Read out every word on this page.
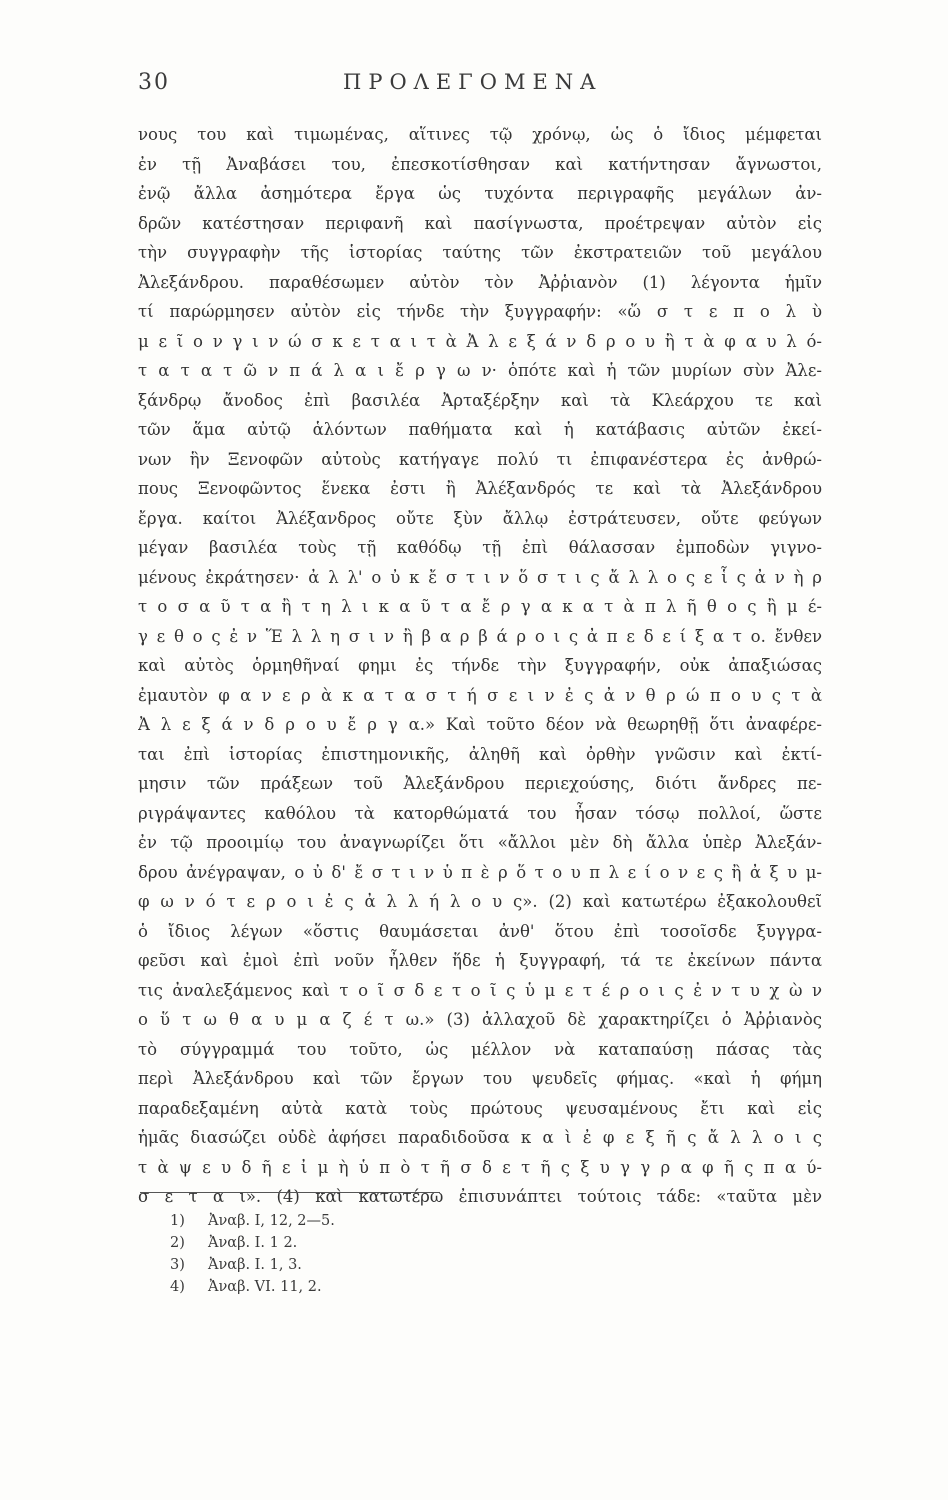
30	ΠΡΟΛΕΓΟΜΕΝΑ
νους του καὶ τιμωμένας, αἵτινες τῷ χρόνῳ, ὡς ὁ ἴδιος μέμφεται
ἐν τῇ Ἀναβάσει του, ἐπεσκοτίσθησαν καὶ κατήντησαν ἄγνωστοι,
ἐνῷ ἄλλα ἀσημότερα ἔργα ὡς τυχόντα περιγραφῆς μεγάλων ἀν-
δρῶν κατέστησαν περιφανῆ καὶ πασίγνωστα, προέτρεψαν αὐτὸν εἰς
τὴν συγγραφὴν τῆς ἱστορίας ταύτης τῶν ἐκστρατειῶν τοῦ μεγάλου
Ἀλεξάνδρου. παραθέσωμεν αὐτὸν τὸν Ἀῤῥιανὸν (1) λέγοντα ἡμῖν
τί παρώρμησεν αὐτὸν εἰς τήνδε τὴν ξυγγραφήν: «ὥ σ τ ε π ο λ ὺ
μ ε ῖ ο ν γ ι ν ώ σ κ ε τ α ι τ ὰ Ἀ λ ε ξ ά ν δ ρ ο υ ἢ τ ὰ φ α υ λ ό-
τ α τ α τ ῶ ν π ά λ α ι ἔ ρ γ ω ν· ὁπότε καὶ ἡ τῶν μυρίων σὺν Ἀλε-
ξάνδρῳ ἄνοδος ἐπὶ βασιλέα Ἀρταξέρξην καὶ τὰ Κλεάρχου τε καὶ
τῶν ἅμα αὐτῷ ἁλόντων παθήματα καὶ ἡ κατάβασις αὐτῶν ἐκεί-
νων ἣν Ξενοφῶν αὐτοὺς κατήγαγε πολύ τι ἐπιφανέστερα ἐς ἀνθρώ-
πους Ξενοφῶντος ἕνεκα ἐστι ἢ Ἀλέξανδρός τε καὶ τὰ Ἀλεξάνδρου
ἔργα. καίτοι Ἀλέξανδρος οὔτε ξὺν ἄλλῳ ἐστράτευσεν, οὔτε φεύγων
μέγαν βασιλέα τοὺς τῇ καθόδῳ τῇ ἐπὶ θάλασσαν ἐμποδὼν γιγνο-
μένους ἐκράτησεν· ἀ λ λ' ο ὐ κ ἔ σ τ ι ν ὅ σ τ ι ς ἄ λ λ ο ς ε ἷ ς ἀ ν ὴ ρ
τ ο σ α ῦ τ α ἢ τ η λ ι κ α ῦ τ α ἔ ρ γ α κ α τ ὰ π λ ῆ θ ο ς ἢ μ έ-
γ ε θ ο ς ἐ ν Ἕ λ λ η σ ι ν ἢ β α ρ β ά ρ ο ι ς ἀ π ε δ ε ί ξ α τ ο. ἔνθεν
καὶ αὐτὸς ὁρμηθῆναί φημι ἐς τήνδε τὴν ξυγγραφήν, οὐκ ἀπαξιώσας
ἐμαυτὸν φ α ν ε ρ ὰ κ α τ α σ τ ή σ ε ι ν ἐ ς ἀ ν θ ρ ώ π ο υ ς τ ὰ
Ἀ λ ε ξ ά ν δ ρ ο υ ἔ ρ γ α.» Καὶ τοῦτο δέον νὰ θεωρηθῇ ὅτι ἀναφέρε-
ται ἐπὶ ἱστορίας ἐπιστημονικῆς, ἀληθῆ καὶ ὀρθὴν γνῶσιν καὶ ἐκτί-
μησιν τῶν πράξεων τοῦ Ἀλεξάνδρου περιεχούσης, διότι ἄνδρες πε-
ριγράψαντες καθόλου τὰ κατορθώματά του ἦσαν τόσῳ πολλοί, ὥστε
ἐν τῷ προοιμίῳ του ἀναγνωρίζει ὅτι «ἄλλοι μὲν δὴ ἄλλα ὑπὲρ Ἀλεξάν-
δρου ἀνέγραψαν, ο ὐ δ' ἔ σ τ ι ν ὑ π ὲ ρ ὅ τ ο υ π λ ε ί ο ν ε ς ἢ ἀ ξ υ μ-
φ ω ν ό τ ε ρ ο ι ἐ ς ἀ λ λ ή λ ο υ ς». (2) καὶ κατωτέρω ἐξακολουθεῖ
ὁ ἴδιος λέγων «ὅστις θαυμάσεται ἀνθ' ὅτου ἐπὶ τοσοῖσδε ξυγγρα-
φεῦσι καὶ ἐμοὶ ἐπὶ νοῦν ἦλθεν ἥδε ἡ ξυγγραφή, τά τε ἐκείνων πάντα
τις ἀναλεξάμενος καὶ τ ο ῖ σ δ ε τ ο ῖ ς ὑ μ ε τ έ ρ ο ι ς ἐ ν τ υ χ ὼ ν
ο ὕ τ ω θ α υ μ α ζ έ τ ω.» (3) ἀλλαχοῦ δὲ χαρακτηρίζει ὁ Ἀῤῥιανὸς
τὸ σύγγραμμά του τοῦτο, ὡς μέλλον νὰ καταπαύσῃ πάσας τὰς
περὶ Ἀλεξάνδρου καὶ τῶν ἔργων του ψευδεῖς φήμας. «καὶ ἡ φήμη
παραδεξαμένη αὐτὰ κατὰ τοὺς πρώτους ψευσαμένους ἔτι καὶ εἰς
ἡμᾶς διασώζει οὐδὲ ἀφήσει παραδιδοῦσα κ α ὶ ἐ φ ε ξ ῆ ς ἄ λ λ ο ι ς
τ ὰ ψ ε υ δ ῆ ε ἰ μ ὴ ὑ π ὸ τ ῆ σ δ ε τ ῆ ς ξ υ γ γ ρ α φ ῆ ς π α ύ-
σ ε τ α ι». (4) καὶ κατωτέρω ἐπισυνάπτει τούτοις τάδε: «ταῦτα μὲν
1) Ἀναβ. I, 12, 2—5.
2) Ἀναβ. I. 1 2.
3) Ἀναβ. I. 1, 3.
4) Ἀναβ. VI. 11, 2.
